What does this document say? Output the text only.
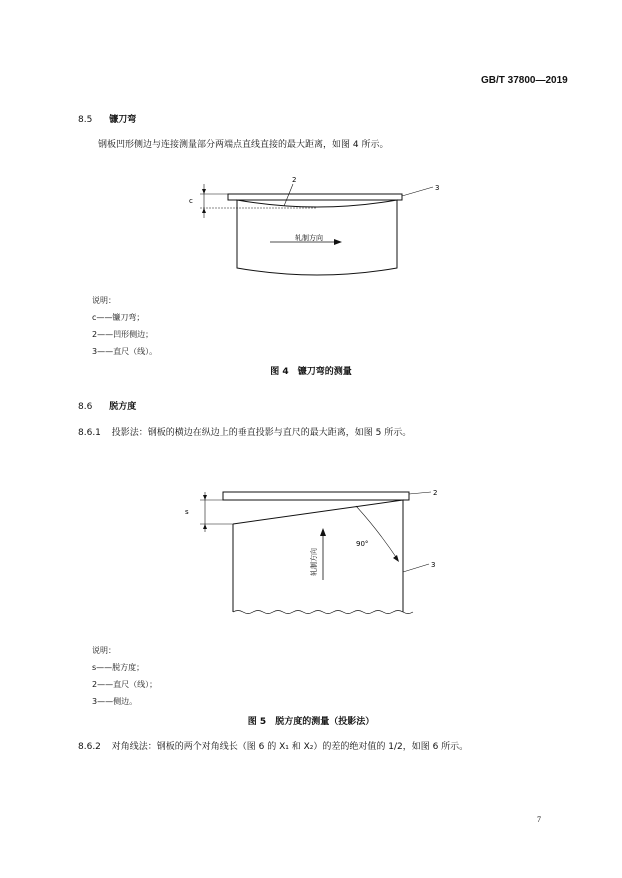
GB/T 37800—2019
8.5 镰刀弯
钢板凹形侧边与连接测量部分两端点直线直接的最大距离，如图 4 所示。
c
2
3
轧制方向
说明：
c——镰刀弯；
2——凹形侧边；
3——直尺（线）。
图 4　镰刀弯的测量
8.6 脱方度
8.6.1 投影法：钢板的横边在纵边上的垂直投影与直尺的最大距离，如图 5 所示。
s
90°
2
3
轧制方向
说明：
s——脱方度；
2——直尺（线）；
3——侧边。
图 5　脱方度的测量（投影法）
8.6.2 对角线法：钢板的两个对角线长（图 6 的 X₁ 和 X₂）的差的绝对值的 1/2，如图 6 所示。
7
